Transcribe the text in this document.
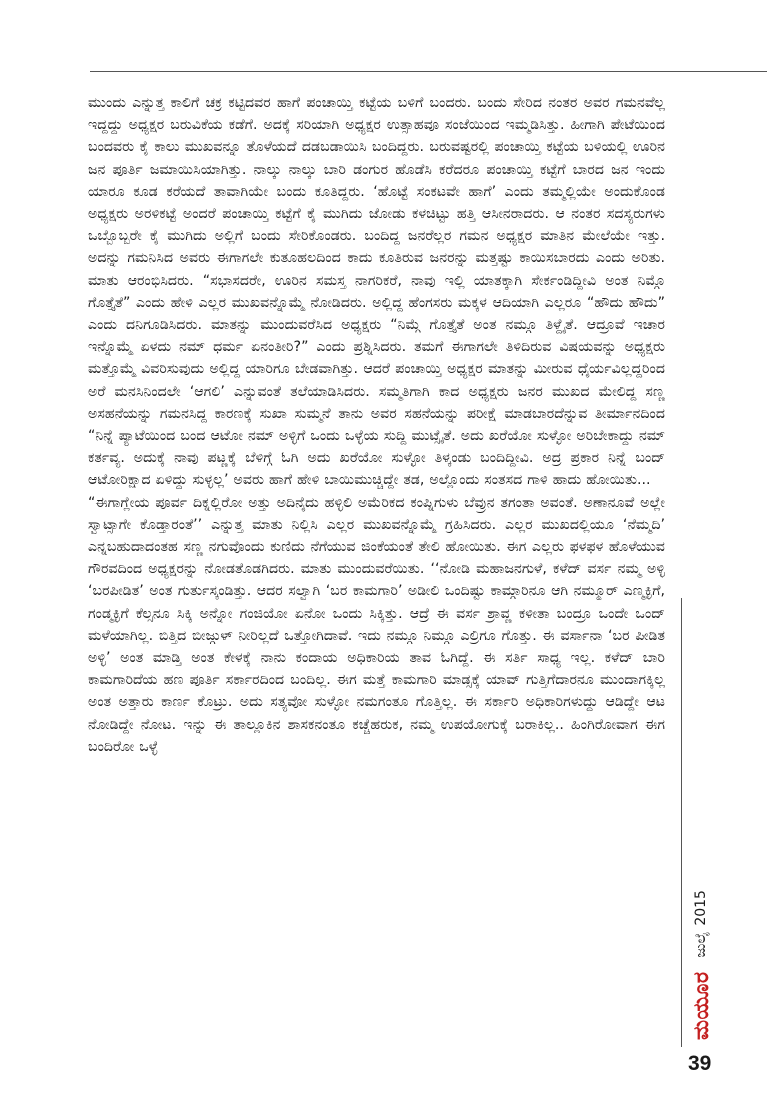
ಮುಂದು ಎನ್ನುತ್ತ ಕಾಲಿಗೆ ಚಕ್ರ ಕಟ್ಟಿದವರ ಹಾಗೆ ಪಂಚಾಯ್ತಿ ಕಟ್ಟೆಯ ಬಳಿಗೆ ಬಂದರು. ಬಂದು ಸೇರಿದ ನಂತರ ಅವರ ಗಮನವೆಲ್ಲ ಇದ್ದದ್ದು ಅಧ್ಯಕ್ಷರ ಬರುವಿಕೆಯ ಕಡೆಗೆ. ಅದಕ್ಕೆ ಸರಿಯಾಗಿ ಅಧ್ಯಕ್ಷರ ಉತ್ಸಾಹವೂ ಸಂಜೆಯಿಂದ ಇಮ್ಮಡಿಸಿತ್ತು. ಹೀಗಾಗಿ ಪೇಟೆಯಿಂದ ಬಂದವರು ಕೈ ಕಾಲು ಮುಖವನ್ನೂ ತೊಳೆಯದೆ ದಡಬಡಾಯಿಸಿ ಬಂದಿದ್ದರು. ಬರುವಷ್ಟರಲ್ಲಿ ಪಂಚಾಯ್ತಿ ಕಟ್ಟೆಯ ಬಳಿಯಲ್ಲಿ ಊರಿನ ಜನ ಪೂರ್ತಿ ಜಮಾಯಿಸಿಯಾಗಿತ್ತು. ನಾಲ್ಕು ನಾಲ್ಕು ಬಾರಿ ಡಂಗುರ ಹೊಡೆಸಿ ಕರೆದರೂ ಪಂಚಾಯ್ತಿ ಕಟ್ಟೆಗೆ ಬಾರದ ಜನ ಇಂದು ಯಾರೂ ಕೂಡ ಕರೆಯದೆ ತಾವಾಗಿಯೇ ಬಂದು ಕೂತಿದ್ದರು. ‘ಹೊಟ್ಟೆ ಸಂಕಟವೇ ಹಾಗೆ’ ಎಂದು ತಮ್ಮಲ್ಲಿಯೇ ಅಂದುಕೊಂಡ ಅಧ್ಯಕ್ಷರು ಅರಳಿಕಟ್ಟೆ ಅಂದರೆ ಪಂಚಾಯ್ತಿ ಕಟ್ಟೆಗೆ ಕೈ ಮುಗಿದು ಜೋಡು ಕಳಚಿಟ್ಟು ಹತ್ತಿ ಆಸೀನರಾದರು. ಆ ನಂತರ ಸದಸ್ಯರುಗಳು ಒಬ್ಬೊಬ್ಬರೇ ಕೈ ಮುಗಿದು ಅಲ್ಲಿಗೆ ಬಂದು ಸೇರಿಕೊಂಡರು. ಬಂದಿದ್ದ ಜನರೆಲ್ಲರ ಗಮನ ಅಧ್ಯಕ್ಷರ ಮಾತಿನ ಮೇಲೆಯೇ ಇತ್ತು. ಅದನ್ನು ಗಮನಿಸಿದ ಅವರು ಈಗಾಗಲೇ ಕುತೂಹಲದಿಂದ ಕಾದು ಕೂತಿರುವ ಜನರನ್ನು ಮತ್ತಷ್ಟು ಕಾಯಿಸಬಾರದು ಎಂದು ಅರಿತು. ಮಾತು ಆರಂಭಿಸಿದರು. “ಸಭಾಸದರೇ, ಊರಿನ ಸಮಸ್ತ ನಾಗರಿಕರೆ, ನಾವು ಇಲ್ಲಿ ಯಾತಕ್ಕಾಗಿ ಸೇರ್ಕಂಡಿದ್ದೀವಿ ಅಂತ ನಿಮ್ಗೊ ಗೊತ್ತೈತೆ” ಎಂದು ಹೇಳಿ ಎಲ್ಲರ ಮುಖವನ್ನೊಮ್ಮೆ ನೋಡಿದರು. ಅಲ್ಲಿದ್ದ ಹೆಂಗಸರು ಮಕ್ಕಳ ಆದಿಯಾಗಿ ಎಲ್ಲರೂ “ಹೌದು ಹೌದು” ಎಂದು ದನಿಗೂಡಿಸಿದರು. ಮಾತನ್ನು ಮುಂದುವರೆಸಿದ ಅಧ್ಯಕ್ಷರು “ನಿಮ್ಗೆ ಗೊತ್ತೈತೆ ಅಂತ ನಮ್ಗೂ ತಿಳ್ದೈತೆ. ಆದ್ರೂವೆ ಇಚಾರ ಇನ್ನೊಮ್ಮೆ ಏಳದು ನಮ್ ಧರ್ಮ ಏನಂತೀರಿ?” ಎಂದು ಪ್ರಶ್ನಿಸಿದರು. ತಮಗೆ ಈಗಾಗಲೇ ತಿಳಿದಿರುವ ವಿಷಯವನ್ನು ಅಧ್ಯಕ್ಷರು ಮತ್ತೊಮ್ಮೆ ವಿವರಿಸುವುದು ಅಲ್ಲಿದ್ದ ಯಾರಿಗೂ ಬೇಡವಾಗಿತ್ತು. ಆದರೆ ಪಂಚಾಯ್ತಿ ಅಧ್ಯಕ್ಷರ ಮಾತನ್ನು ಮೀರುವ ಧೈರ್ಯವಿಲ್ಲದ್ದರಿಂದ ಅರೆ ಮನಸಿನಿಂದಲೇ ‘ಆಗಲಿ’ ಎನ್ನುವಂತೆ ತಲೆಯಾಡಿಸಿದರು. ಸಮ್ಮತಿಗಾಗಿ ಕಾದ ಅಧ್ಯಕ್ಷರು ಜನರ ಮುಖದ ಮೇಲಿದ್ದ ಸಣ್ಣ ಅಸಹನೆಯನ್ನು ಗಮನಸಿದ್ದ ಕಾರಣಕ್ಕೆ ಸುಖಾ ಸುಮ್ಮನೆ ತಾನು ಅವರ ಸಹನೆಯನ್ನು ಪರೀಕ್ಷೆ ಮಾಡಬಾರದೆನ್ನುವ ತೀರ್ಮಾನದಿಂದ “ನಿನ್ನೆ ಪ್ಯಾಟೆಯಿಂದ ಬಂದ ಆಟೋ ನಮ್ ಅಳ್ಳಿಗೆ ಒಂದು ಒಳ್ಳೆಯ ಸುದ್ದಿ ಮುಟ್ಸೈತೆ. ಅದು ಖರೆಯೋ ಸುಳ್ಳೋ ಅರಿಬೇಕಾದ್ದು ನಮ್ ಕರ್ತವ್ಯ. ಅದುಕ್ಕೆ ನಾವು ಪಟ್ಣಕ್ಕೆ ಬೆಳಿಗ್ಗೆ ಓಗಿ ಅದು ಖರೆಯೋ ಸುಳ್ಳೋ ತಿಳ್ಕಂಡು ಬಂದಿದ್ದೀವಿ. ಅದ್ರ ಪ್ರಕಾರ ನಿನ್ನೆ ಬಂದ್ ಆಟೋರಿಕ್ಷಾದ ಏಳಿದ್ದು ಸುಳ್ಳಲ್ಲ’ ಅವರು ಹಾಗೆ ಹೇಳಿ ಬಾಯಿಮುಚ್ಚಿದ್ದೇ ತಡ, ಅಲ್ಲೊಂದು ಸಂತಸದ ಗಾಳಿ ಹಾದು ಹೋಯಿತು...

“ಈಗಾಗ್ಲೇಯ ಪೂರ್ವ ದಿಕ್ನಲ್ಲಿರೋ ಅತ್ತು ಅದಿನೈದು ಹಳ್ಳಿಲಿ ಅಮೆರಿಕದ ಕಂಪ್ನಿಗುಳು ಬೆವ್ರುನ ತಗಂತಾ ಅವಂತೆ. ಅಣಾನೂವೆ ಅಲ್ಲೇ ಸ್ವಾಟ್ಸಾಗೇ ಕೊಡ್ತಾರಂತೆ’’ ಎನ್ನುತ್ತ ಮಾತು ನಿಲ್ಲಿಸಿ ಎಲ್ಲರ ಮುಖವನ್ನೊಮ್ಮೆ ಗ್ರಹಿಸಿದರು. ಎಲ್ಲರ ಮುಖದಲ್ಲಿಯೂ ‘ನೆಮ್ಮದಿ’ ಎನ್ನಬಹುದಾದಂತಹ ಸಣ್ಣ ನಗುವೊಂದು ಕುಣಿದು ನೆಗೆಯುವ ಜಿಂಕೆಯಂತೆ ತೇಲಿ ಹೋಯಿತು. ಈಗ ಎಲ್ಲರು ಫಳಫಳ ಹೊಳೆಯುವ ಗೌರವದಿಂದ ಅಧ್ಯಕ್ಷರನ್ನು ನೋಡತೊಡಗಿದರು. ಮಾತು ಮುಂದುವರೆಯಿತು. ‘‘ನೋಡಿ ಮಹಾಜನಗುಳೆ, ಕಳೆದ್ ವರ್ಸ ನಮ್ಮ ಅಳ್ಳಿ ‘ಬರಪೀಡಿತ’ ಅಂತ ಗುರ್ತುಸ್ಕಂಡಿತ್ತು. ಆದರ ಸಲ್ವಾಗಿ ‘ಬರ ಕಾಮಗಾರಿ’ ಅಡೀಲಿ ಒಂದಿಷ್ಟು ಕಾಮ್ಗಾರಿನೂ ಆಗಿ ನಮ್ಮೂರ್ ಎಣ್ಮಕ್ಳಿಗೆ, ಗಂಡ್ಮಕ್ಳಿಗೆ ಕೆಲ್ಸನೂ ಸಿಕ್ಕಿ ಅನ್ನೋ ಗಂಜಿಯೋ ಏನೋ ಒಂದು ಸಿಕ್ಕಿತ್ತು. ಆದ್ರೆ ಈ ವರ್ಸ ಶ್ರಾವ್ಣ ಕಳೀತಾ ಬಂದ್ರೂ ಒಂದೇ ಒಂದ್ ಮಳೆಯಾಗಿಲ್ಲ. ಬಿತ್ತಿದ ಬೀಜ್ಗುಳ್ ನೀರಿಲ್ಲದೆ ಒತ್ತೋಗಿದಾವೆ. ಇದು ನಮ್ಗೂ ನಿಮ್ಗೂ ಎಲ್ರಿಗೂ ಗೊತ್ತು. ಈ ವರ್ಸಾನಾ ‘ಬರ ಪೀಡಿತ ಅಳ್ಳಿ’ ಅಂತ ಮಾಡ್ತಿ ಅಂತ ಕೇಳಕ್ಕೆ ನಾನು ಕಂದಾಯ ಅಧಿಕಾರಿಯ ತಾವ ಓಗಿದ್ದೆ. ಈ ಸರ್ತಿ ಸಾಧ್ಯ ಇಲ್ಲ. ಕಳೆದ್ ಬಾರಿ ಕಾಮಗಾರಿದೆಯ ಹಣ ಪೂರ್ತಿ ಸರ್ಕಾರದಿಂದ ಬಂದಿಲ್ಲ. ಈಗ ಮತ್ತೆ ಕಾಮಗಾರಿ ಮಾಡ್ಸಕ್ಕೆ ಯಾವ್ ಗುತ್ತಿಗೆದಾರನೂ ಮುಂದಾಗಕ್ಕಿಲ್ಲ ಅಂತ ಅತ್ತಾರು ಕಾರ್ಣ ಕೊಟ್ರು. ಅದು ಸತ್ಯವೋ ಸುಳ್ಳೋ ನಮಗಂತೂ ಗೊತ್ತಿಲ್ಲ. ಈ ಸರ್ಕಾರಿ ಅಧಿಕಾರಿಗಳುದ್ದು ಆಡಿದ್ದೇ ಆಟ ನೋಡಿದ್ದೇ ನೋಟ. ಇನ್ನು ಈ ತಾಲ್ಲೂಕಿನ ಶಾಸಕನಂತೂ ಕಚ್ಚೆಹರುಕ, ನಮ್ಮ ಉಪಯೋಗುಕ್ಕೆ ಬರಾಕಿಲ್ಲ.. ಹಿಂಗಿರೋವಾಗ ಈಗ ಬಂದಿರೋ ಒಳ್ಳೆ

ಮಯೂರ
ಜುಲೈ
2015
39
